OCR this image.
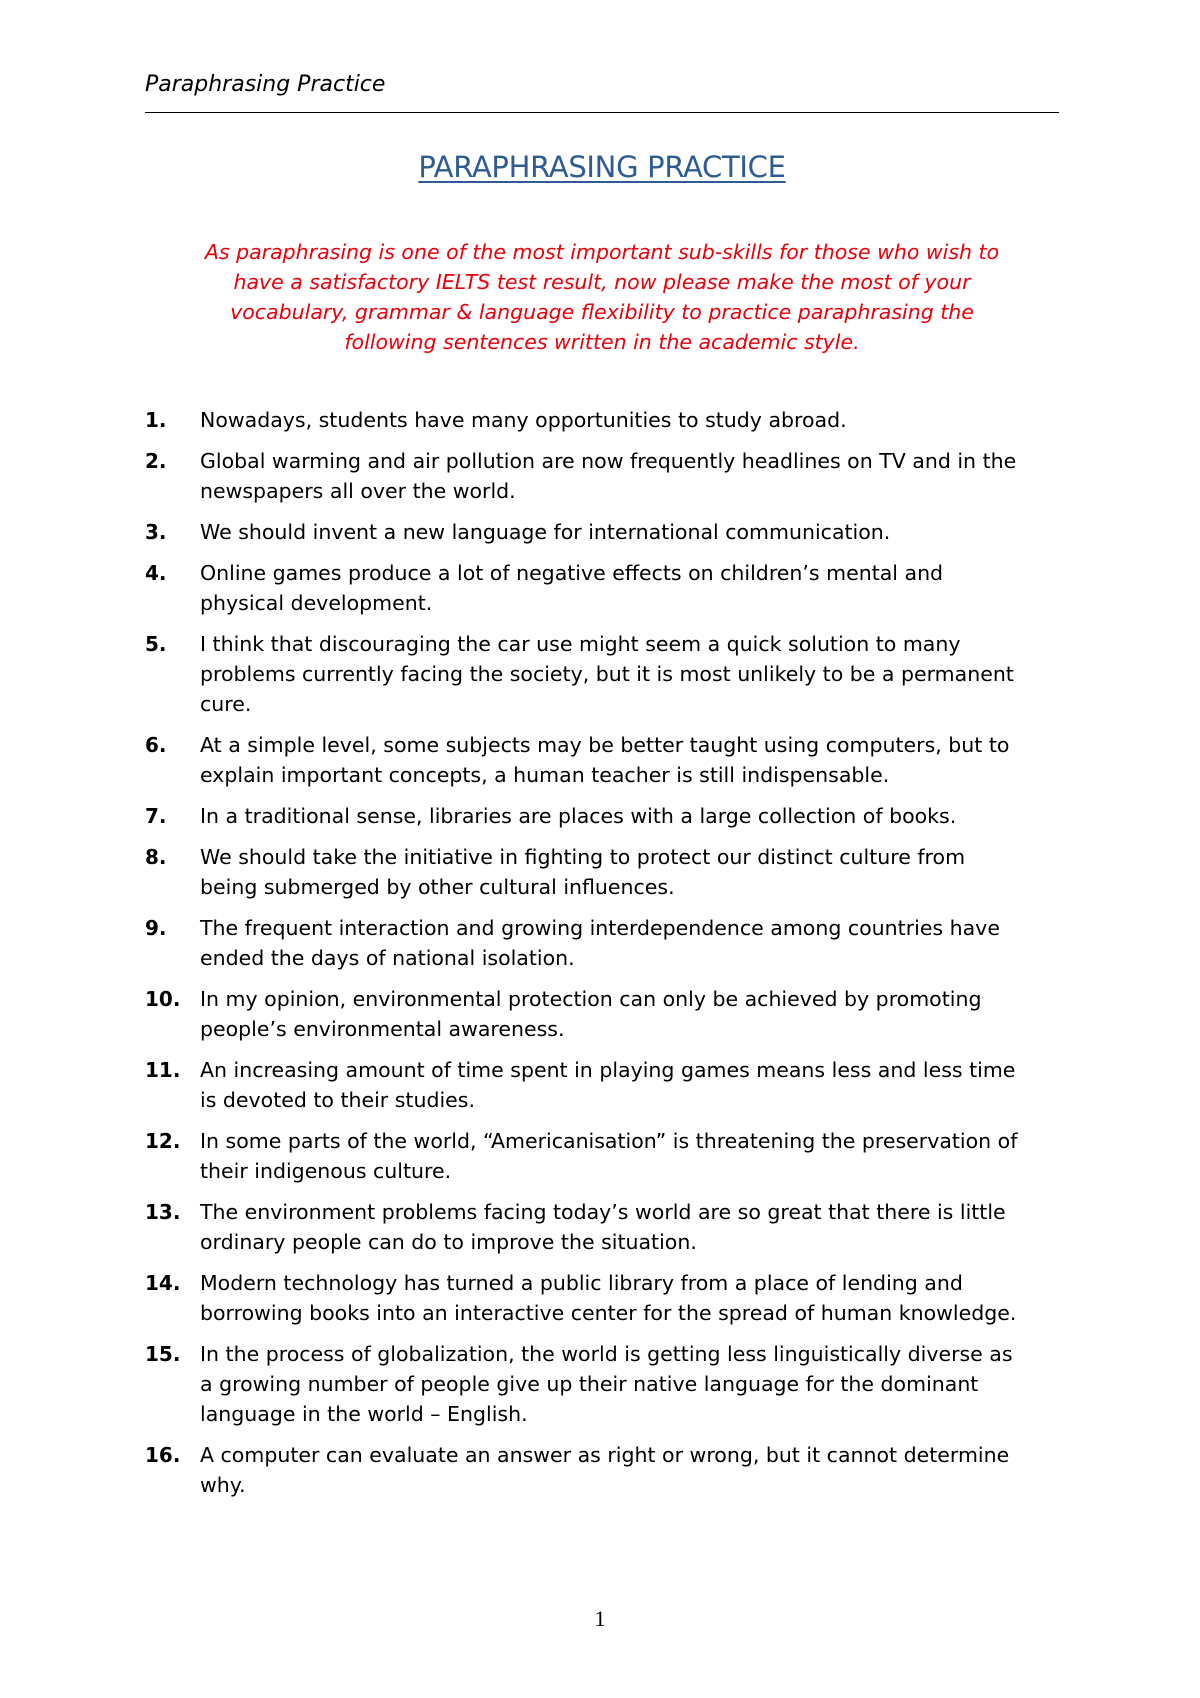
Paraphrasing Practice
PARAPHRASING PRACTICE

As paraphrasing is one of the most important sub-skills for those who wish to
have a satisfactory IELTS test result, now please make the most of your
vocabulary, grammar & language flexibility to practice paraphrasing the
following sentences written in the academic style.

1. Nowadays, students have many opportunities to study abroad.
2. Global warming and air pollution are now frequently headlines on TV and in the
newspapers all over the world.
3. We should invent a new language for international communication.
4. Online games produce a lot of negative effects on children’s mental and
physical development.
5. I think that discouraging the car use might seem a quick solution to many
problems currently facing the society, but it is most unlikely to be a permanent
cure.
6. At a simple level, some subjects may be better taught using computers, but to
explain important concepts, a human teacher is still indispensable.
7. In a traditional sense, libraries are places with a large collection of books.
8. We should take the initiative in fighting to protect our distinct culture from
being submerged by other cultural influences.
9. The frequent interaction and growing interdependence among countries have
ended the days of national isolation.
10. In my opinion, environmental protection can only be achieved by promoting
people’s environmental awareness.
11. An increasing amount of time spent in playing games means less and less time
is devoted to their studies.
12. In some parts of the world, “Americanisation” is threatening the preservation of
their indigenous culture.
13. The environment problems facing today’s world are so great that there is little
ordinary people can do to improve the situation.
14. Modern technology has turned a public library from a place of lending and
borrowing books into an interactive center for the spread of human knowledge.
15. In the process of globalization, the world is getting less linguistically diverse as
a growing number of people give up their native language for the dominant
language in the world – English.
16. A computer can evaluate an answer as right or wrong, but it cannot determine
why.
1
